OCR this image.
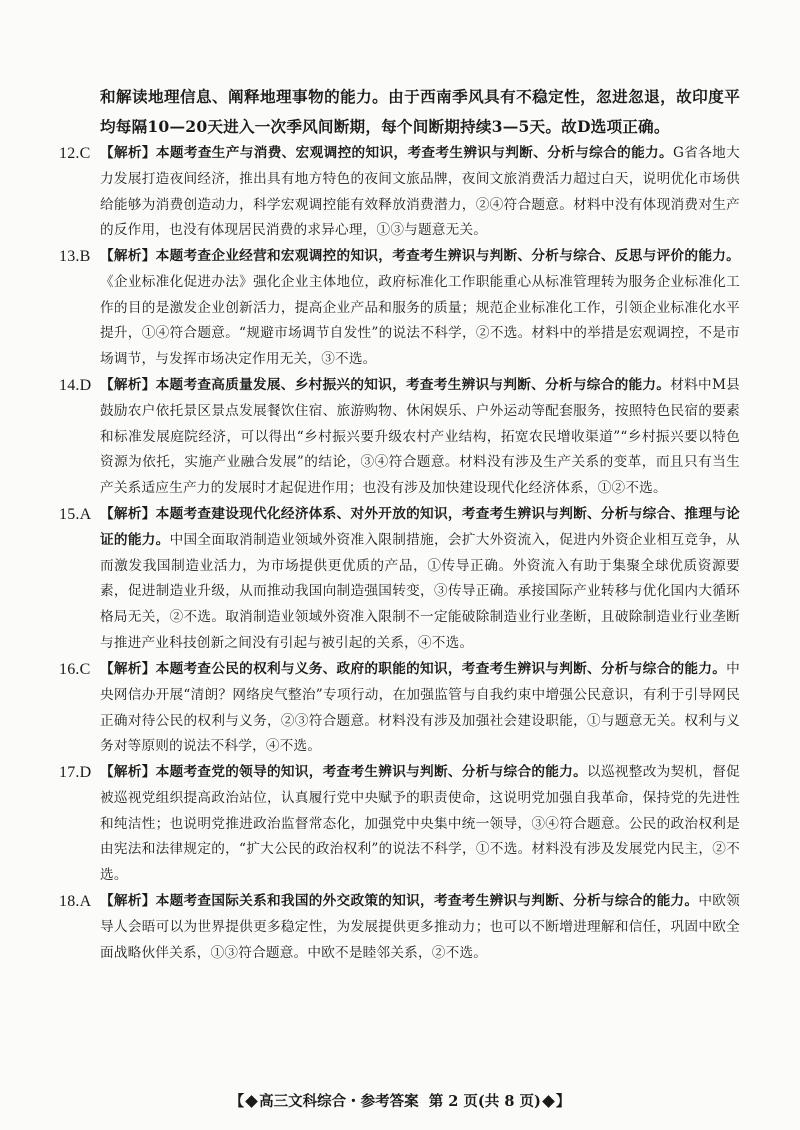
和解读地理信息、阐释地理事物的能力。由于西南季风具有不稳定性，忽进忽退，故印度平均每隔10—20天进入一次季风间断期，每个间断期持续3—5天。故D选项正确。
12.C 【解析】本题考查生产与消费、宏观调控的知识，考查考生辨识与判断、分析与综合的能力。G省各地大力发展打造夜间经济，推出具有地方特色的夜间文旅品牌，夜间文旅消费活力超过白天，说明优化市场供给能够为消费创造动力，科学宏观调控能有效释放消费潜力，②④符合题意。材料中没有体现消费对生产的反作用，也没有体现居民消费的求异心理，①③与题意无关。
13.B 【解析】本题考查企业经营和宏观调控的知识，考查考生辨识与判断、分析与综合、反思与评价的能力。《企业标准化促进办法》强化企业主体地位，政府标准化工作职能重心从标准管理转为服务企业标准化工作的目的是激发企业创新活力，提高企业产品和服务的质量；规范企业标准化工作，引领企业标准化水平提升，①④符合题意。“规避市场调节自发性”的说法不科学，②不选。材料中的举措是宏观调控，不是市场调节，与发挥市场决定作用无关，③不选。
14.D 【解析】本题考查高质量发展、乡村振兴的知识，考查考生辨识与判断、分析与综合的能力。材料中M县鼓励农户依托景区景点发展餐饮住宿、旅游购物、休闲娱乐、户外运动等配套服务，按照特色民宿的要素和标准发展庭院经济，可以得出“乡村振兴要升级农村产业结构，拓宽农民增收渠道”“乡村振兴要以特色资源为依托，实施产业融合发展”的结论，③④符合题意。材料没有涉及生产关系的变革，而且只有当生产关系适应生产力的发展时才起促进作用；也没有涉及加快建设现代化经济体系，①②不选。
15.A 【解析】本题考查建设现代化经济体系、对外开放的知识，考查考生辨识与判断、分析与综合、推理与论证的能力。中国全面取消制造业领域外资准入限制措施，会扩大外资流入，促进内外资企业相互竞争，从而激发我国制造业活力，为市场提供更优质的产品，①传导正确。外资流入有助于集聚全球优质资源要素，促进制造业升级，从而推动我国向制造强国转变，③传导正确。承接国际产业转移与优化国内大循环格局无关，②不选。取消制造业领域外资准入限制不一定能破除制造业行业垄断，且破除制造业行业垄断与推进产业科技创新之间没有引起与被引起的关系，④不选。
16.C 【解析】本题考查公民的权利与义务、政府的职能的知识，考查考生辨识与判断、分析与综合的能力。中央网信办开展“清朗？网络戾气整治”专项行动，在加强监管与自我约束中增强公民意识，有利于引导网民正确对待公民的权利与义务，②③符合题意。材料没有涉及加强社会建设职能，①与题意无关。权利与义务对等原则的说法不科学，④不选。
17.D 【解析】本题考查党的领导的知识，考查考生辨识与判断、分析与综合的能力。以巡视整改为契机，督促被巡视党组织提高政治站位，认真履行党中央赋予的职责使命，这说明党加强自我革命，保持党的先进性和纯洁性；也说明党推进政治监督常态化，加强党中央集中统一领导，③④符合题意。公民的政治权利是由宪法和法律规定的，“扩大公民的政治权利”的说法不科学，①不选。材料没有涉及发展党内民主，②不选。
18.A 【解析】本题考查国际关系和我国的外交政策的知识，考查考生辨识与判断、分析与综合的能力。中欧领导人会晤可以为世界提供更多稳定性，为发展提供更多推动力；也可以不断增进理解和信任，巩固中欧全面战略伙伴关系，①③符合题意。中欧不是睦邻关系，②不选。
【 高三文科综合・参考答案 第 2 页(共 8 页) 】
